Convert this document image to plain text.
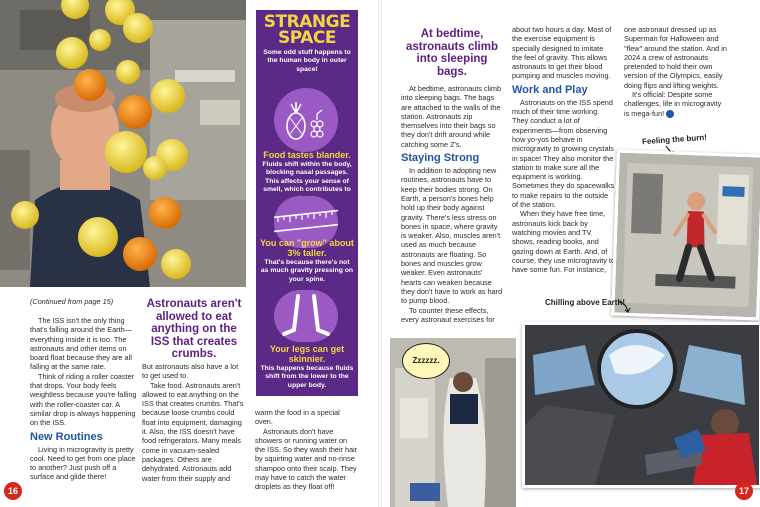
(Continued from page 15)

The ISS isn't the only thing that's falling around the Earth—everything inside it is too. The astronauts and other items on board float because they are all falling at the same rate.

Think of riding a roller coaster that drops. Your body feels weightless because you're falling with the roller-coaster car. A similar drop is always happening on the ISS.

New Routines

Living in microgravity is pretty cool. Need to get from one place to another? Just push off a surface and glide there!

Astronauts aren't allowed to eat anything on the ISS that creates crumbs.

But astronauts also have a lot to get used to.

Take food. Astronauts aren't allowed to eat anything on the ISS that creates crumbs. That's because loose crumbs could float into equipment, damaging it. Also, the ISS doesn't have food refrigerators. Many meals come in vacuum-sealed packages. Others are dehydrated. Astronauts add water from their supply and

warm the food in a special oven.

Astronauts don't have showers or running water on the ISS. So they wash their hair by squirting water and no-rinse shampoo onto their scalp. They may have to catch the water droplets as they float off!

16
STRANGE
SPACE
Some odd stuff happens to the human body in outer space!
Food tastes blander.
Fluids shift within the body, blocking nasal passages. This affects your sense of smell, which contributes to
You can "grow" about 3% taller.
That's because there's not as much gravity pressing on your spine.
Your legs can get skinnier.
This happens because fluids shift from the lower to the upper body.
At bedtime, astronauts climb into sleeping bags.

At bedtime, astronauts climb into sleeping bags. The bags are attached to the walls of the station. Astronauts zip themselves into their bags so they don't drift around while catching some Z's.

Staying Strong

In addition to adopting new routines, astronauts have to keep their bodies strong. On Earth, a person's bones help hold up their body against gravity. There's less stress on bones in space, where gravity is weaker. Also, muscles aren't used as much because astronauts are floating. So bones and muscles grow weaker. Even astronauts' hearts can weaken because they don't have to work as hard to pump blood.

To counter these effects, every astronaut exercises for

about two hours a day. Most of the exercise equipment is specially designed to imitate the feel of gravity. This allows astronauts to get their blood pumping and muscles moving.

Work and Play

Astronauts on the ISS spend much of their time working. They conduct a lot of experiments—from observing how yo-yos behave in microgravity to growing crystals in space! They also monitor the station to make sure all the equipment is working. Sometimes they do spacewalks to make repairs to the outside of the station.

When they have free time, astronauts kick back by watching movies and TV shows, reading books, and gazing down at Earth. And, of course, they use microgravity to have some fun. For instance,

one astronaut dressed up as Superman for Halloween and "flew" around the station. And in 2024 a crew of astronauts pretended to hold their own version of the Olympics, easily doing flips and lifting weights.

It's official: Despite some challenges, life in microgravity is mega-fun!

Feeling the burn!
Chilling above Earth!
Zzzzzz.
17
